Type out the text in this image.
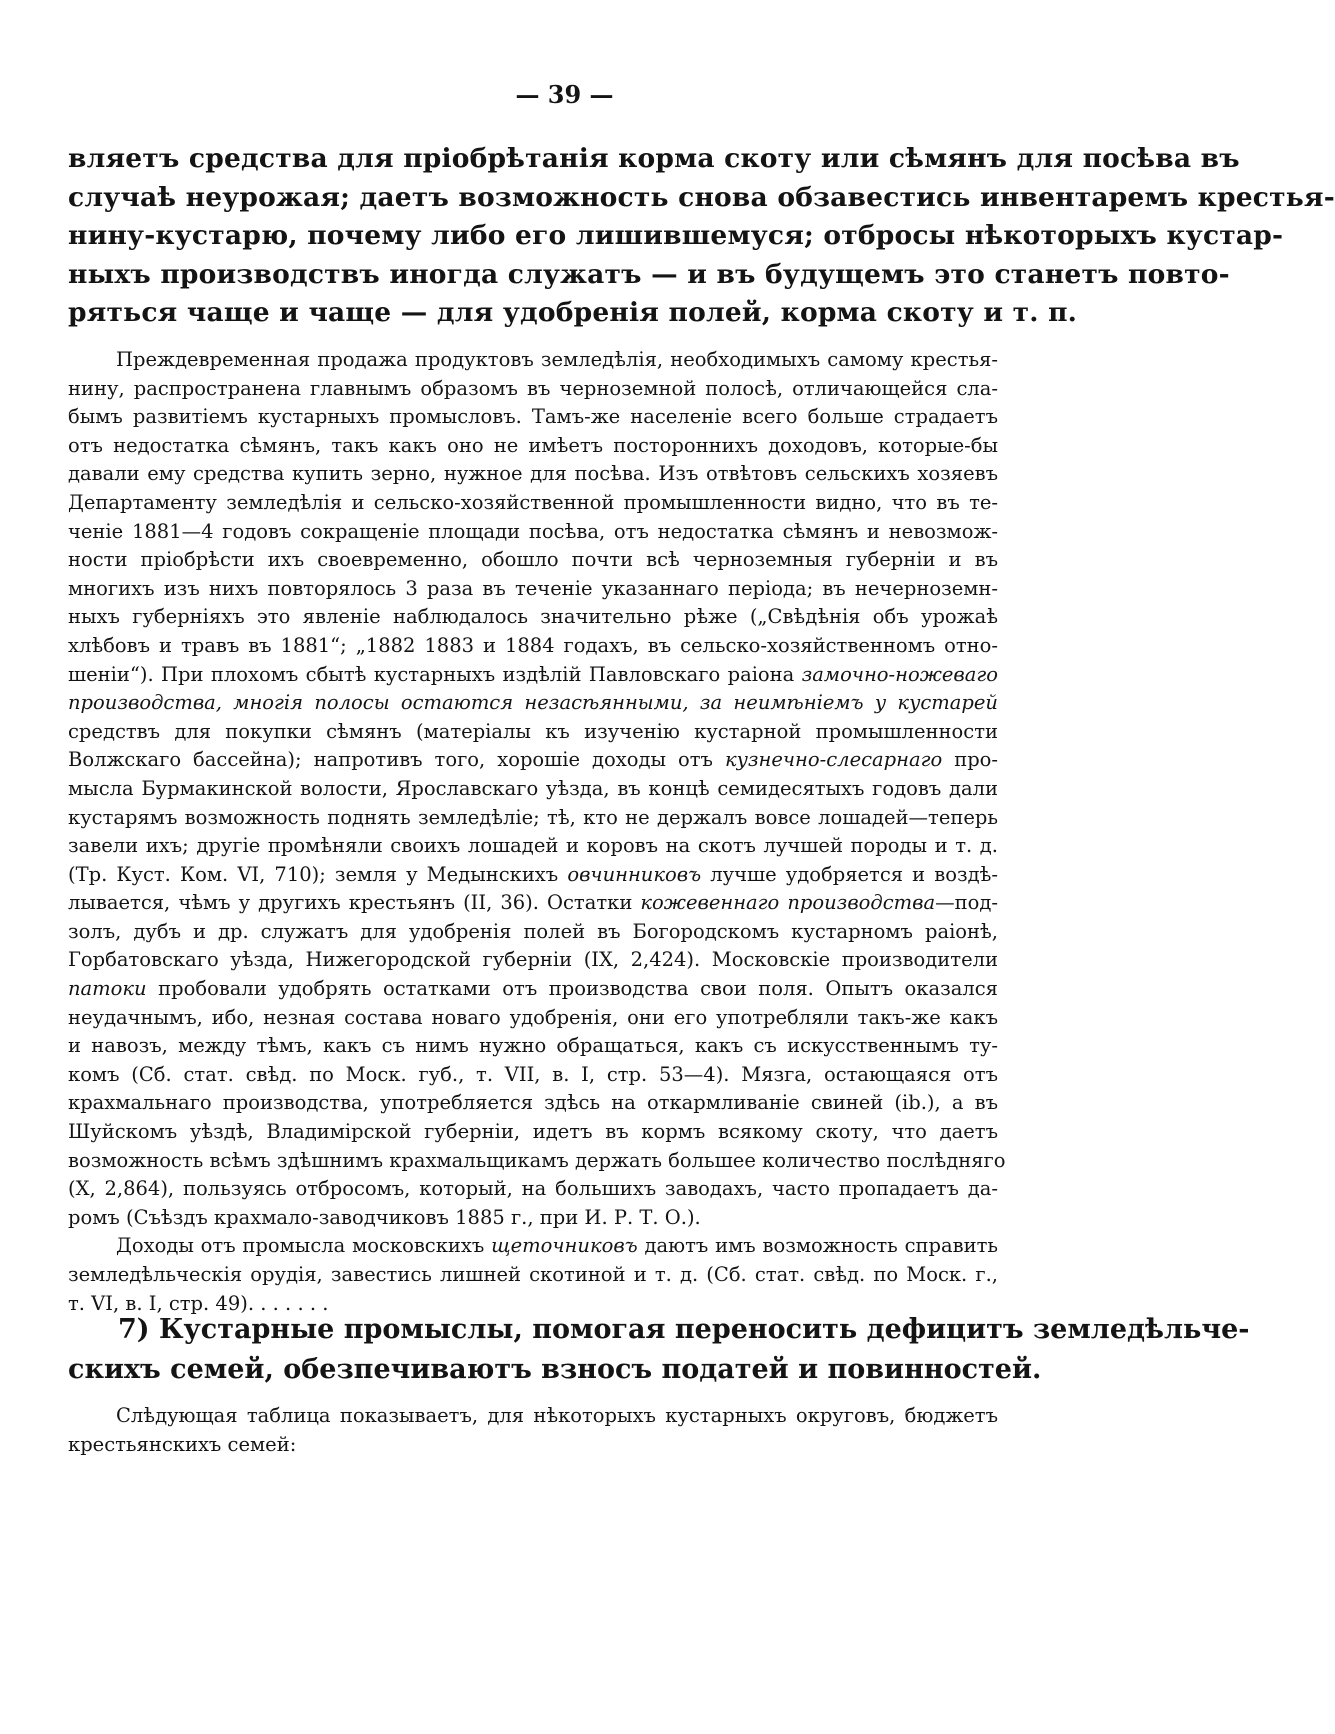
— 39 —
вляетъ средства для пріобрѣтанія корма скоту или сѣмянъ для посѣва въ
случаѣ неурожая; даетъ возможность снова обзавестись инвентаремъ крестья-
нину-кустарю, почему либо его лишившемуся; отбросы нѣкоторыхъ кустар-
ныхъ производствъ иногда служатъ — и въ будущемъ это станетъ повто-
ряться чаще и чаще — для удобренія полей, корма скоту и т. п.
Преждевременная продажа продуктовъ земледѣлія, необходимыхъ самому крестья-
нину, распространена главнымъ образомъ въ черноземной полосѣ, отличающейся сла-
бымъ развитіемъ кустарныхъ промысловъ. Тамъ-же населеніе всего больше страдаетъ
отъ недостатка сѣмянъ, такъ какъ оно не имѣетъ постороннихъ доходовъ, которые-бы
давали ему средства купить зерно, нужное для посѣва. Изъ отвѣтовъ сельскихъ хозяевъ
Департаменту земледѣлія и сельско-хозяйственной промышленности видно, что въ те-
ченіе 1881—4 годовъ сокращеніе площади посѣва, отъ недостатка сѣмянъ и невозмож-
ности пріобрѣсти ихъ своевременно, обошло почти всѣ черноземныя губерніи и въ
многихъ изъ нихъ повторялось 3 раза въ теченіе указаннаго періода; въ нечерноземн-
ныхъ губерніяхъ это явленіе наблюдалось значительно рѣже („Свѣдѣнія объ урожаѣ
хлѣбовъ и травъ въ 1881“; „1882 1883 и 1884 годахъ, въ сельско-хозяйственномъ отно-
шеніи“). При плохомъ сбытѣ кустарныхъ издѣлій Павловскаго раіона замочно-ножеваго
производства, многія полосы остаются незасѣянными, за неимѣніемъ у кустарей
средствъ для покупки сѣмянъ (матеріалы къ изученію кустарной промышленности
Волжскаго бассейна); напротивъ того, хорошіе доходы отъ кузнечно-слесарнаго про-
мысла Бурмакинской волости, Ярославскаго уѣзда, въ концѣ семидесятыхъ годовъ дали
кустарямъ возможность поднять земледѣліе; тѣ, кто не держалъ вовсе лошадей—теперь
завели ихъ; другіе промѣняли своихъ лошадей и коровъ на скотъ лучшей породы и т. д.
(Тр. Куст. Ком. VI, 710); земля у Медынскихъ овчинниковъ лучше удобряется и воздѣ-
лывается, чѣмъ у другихъ крестьянъ (II, 36). Остатки кожевеннаго производства—под-
золъ, дубъ и др. служатъ для удобренія полей въ Богородскомъ кустарномъ раіонѣ,
Горбатовскаго уѣзда, Нижегородской губерніи (IX, 2,424). Московскіе производители
патоки пробовали удобрять остатками отъ производства свои поля. Опытъ оказался
неудачнымъ, ибо, незная состава новаго удобренія, они его употребляли такъ-же какъ
и навозъ, между тѣмъ, какъ съ нимъ нужно обращаться, какъ съ искусственнымъ ту-
комъ (Сб. стат. свѣд. по Моск. губ., т. VII, в. I, стр. 53—4). Мязга, остающаяся отъ
крахмальнаго производства, употребляется здѣсь на откармливаніе свиней (ib.), а въ
Шуйскомъ уѣздѣ, Владимірской губерніи, идетъ въ кормъ всякому скоту, что даетъ
возможность всѣмъ здѣшнимъ крахмальщикамъ держать большее количество послѣдняго
(X, 2,864), пользуясь отбросомъ, который, на большихъ заводахъ, часто пропадаетъ да-
ромъ (Съѣздъ крахмало-заводчиковъ 1885 г., при И. Р. Т. О.).
Доходы отъ промысла московскихъ щеточниковъ даютъ имъ возможность справить
земледѣльческія орудія, завестись лишней скотиной и т. д. (Сб. стат. свѣд. по Моск. г.,
т. VI, в. I, стр. 49). . . . . . .
7) Кустарные промыслы, помогая переносить дефицитъ земледѣльче-
скихъ семей, обезпечиваютъ взносъ податей и повинностей.
Слѣдующая таблица показываетъ, для нѣкоторыхъ кустарныхъ округовъ, бюджетъ
крестьянскихъ семей:
